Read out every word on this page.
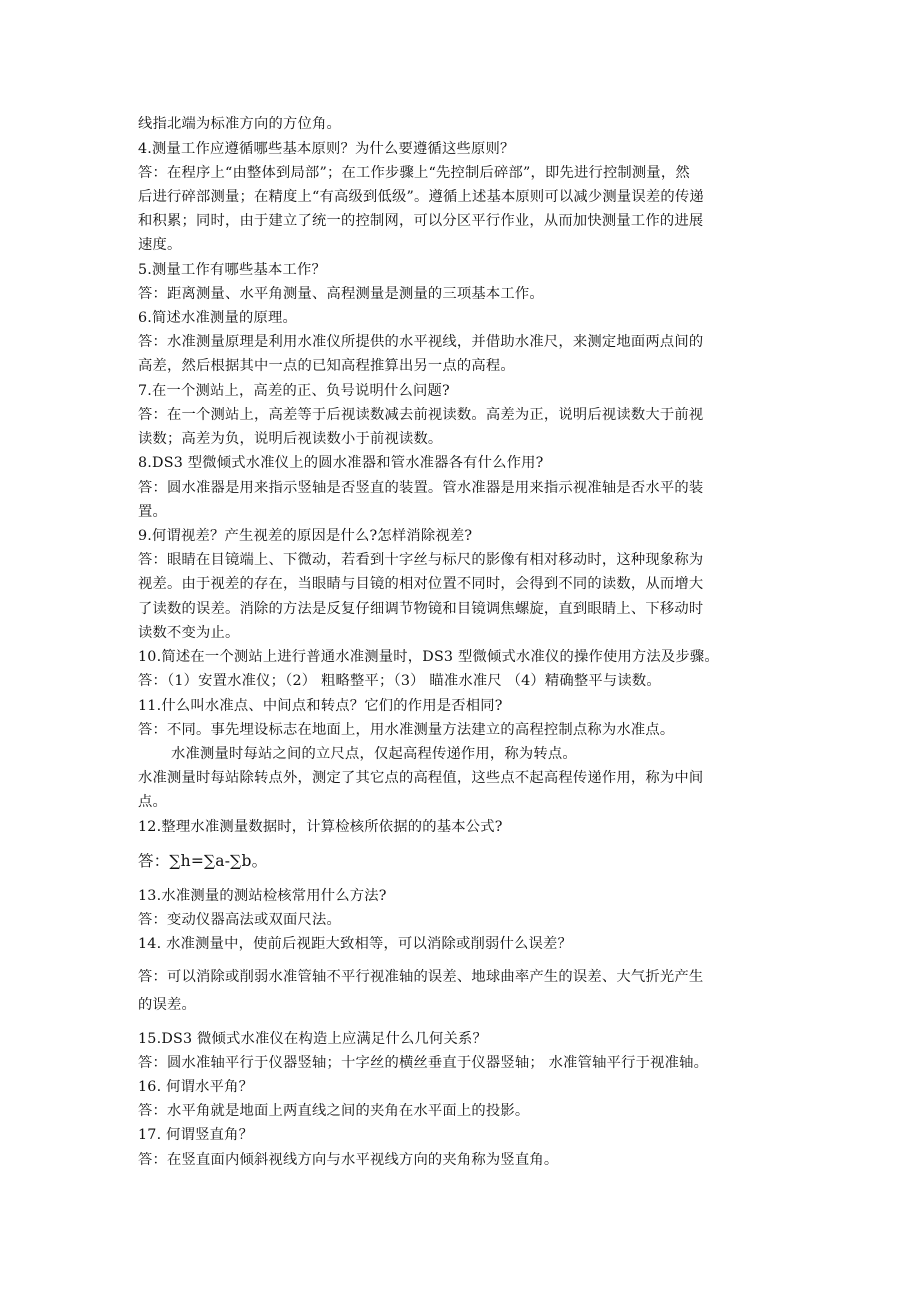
线指北端为标准方向的方位角。
4.测量工作应遵循哪些基本原则？为什么要遵循这些原则？
答：在程序上“由整体到局部”；在工作步骤上“先控制后碎部”，即先进行控制测量，然
后进行碎部测量；在精度上“有高级到低级”。遵循上述基本原则可以减少测量误差的传递
和积累；同时，由于建立了统一的控制网，可以分区平行作业，从而加快测量工作的进展
速度。
5.测量工作有哪些基本工作？
答：距离测量、水平角测量、高程测量是测量的三项基本工作。
6.简述水准测量的原理。
答：水准测量原理是利用水准仪所提供的水平视线，并借助水准尺，来测定地面两点间的
高差，然后根据其中一点的已知高程推算出另一点的高程。
7.在一个测站上，高差的正、负号说明什么问题?
答：在一个测站上，高差等于后视读数减去前视读数。高差为正，说明后视读数大于前视
读数；高差为负，说明后视读数小于前视读数。
8.DS3 型微倾式水准仪上的圆水准器和管水准器各有什么作用?
答：圆水准器是用来指示竖轴是否竖直的装置。管水准器是用来指示视准轴是否水平的装
置。
9.何谓视差？产生视差的原因是什么?怎样消除视差?
答：眼睛在目镜端上、下微动，若看到十字丝与标尺的影像有相对移动时，这种现象称为
视差。由于视差的存在，当眼睛与目镜的相对位置不同时，会得到不同的读数，从而增大
了读数的误差。消除的方法是反复仔细调节物镜和目镜调焦螺旋，直到眼睛上、下移动时
读数不变为止。
10.简述在一个测站上进行普通水准测量时，DS3 型微倾式水准仪的操作使用方法及步骤。
答：（1）安置水准仪；（2） 粗略整平；（3） 瞄准水准尺 （4）精确整平与读数。
11.什么叫水准点、中间点和转点？它们的作用是否相同?
答：不同。事先埋设标志在地面上，用水准测量方法建立的高程控制点称为水准点。
水准测量时每站之间的立尺点，仅起高程传递作用，称为转点。
水准测量时每站除转点外，测定了其它点的高程值，这些点不起高程传递作用，称为中间
点。
12.整理水准测量数据时，计算检核所依据的的基本公式?
答：∑h=∑a-∑b。
13.水准测量的测站检核常用什么方法?
答：变动仪器高法或双面尺法。
14. 水准测量中，使前后视距大致相等，可以消除或削弱什么误差？
答：可以消除或削弱水准管轴不平行视准轴的误差、地球曲率产生的误差、大气折光产生
的误差。
15.DS3 微倾式水准仪在构造上应满足什么几何关系？
答：圆水准轴平行于仪器竖轴；十字丝的横丝垂直于仪器竖轴； 水准管轴平行于视准轴。
16. 何谓水平角？
答：水平角就是地面上两直线之间的夹角在水平面上的投影。
17. 何谓竖直角？
答：在竖直面内倾斜视线方向与水平视线方向的夹角称为竖直角。
